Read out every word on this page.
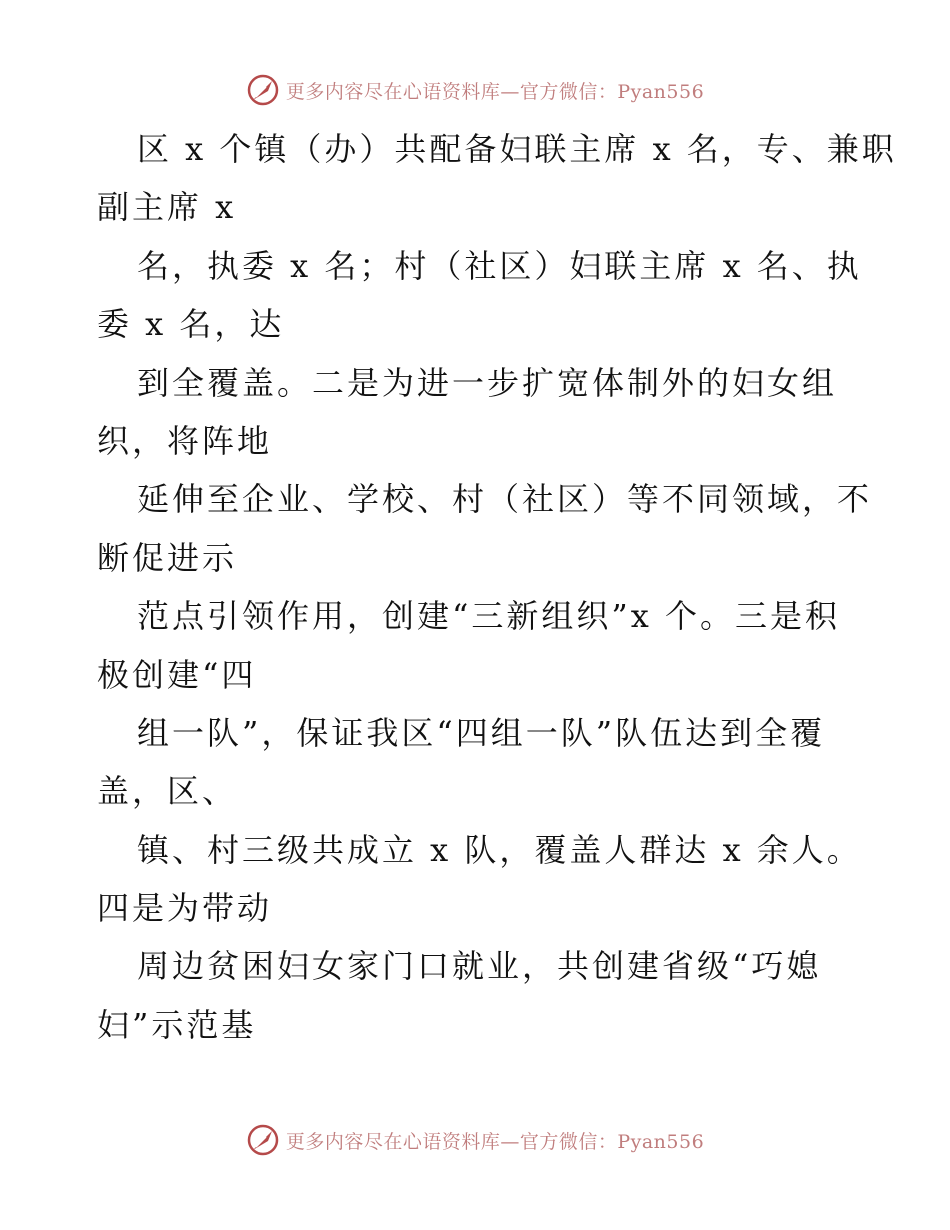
更多内容尽在心语资料库—官方微信：Pyan556
区 x 个镇（办）共配备妇联主席 x 名，专、兼职
副主席 x
名，执委 x 名；村（社区）妇联主席 x 名、执
委 x 名，达
到全覆盖。二是为进一步扩宽体制外的妇女组
织，将阵地
延伸至企业、学校、村（社区）等不同领域，不
断促进示
范点引领作用，创建“三新组织”x 个。三是积
极创建“四
组一队”，保证我区“四组一队”队伍达到全覆
盖，区、
镇、村三级共成立 x 队，覆盖人群达 x 余人。
四是为带动
周边贫困妇女家门口就业，共创建省级“巧媳
妇”示范基
更多内容尽在心语资料库—官方微信：Pyan556
